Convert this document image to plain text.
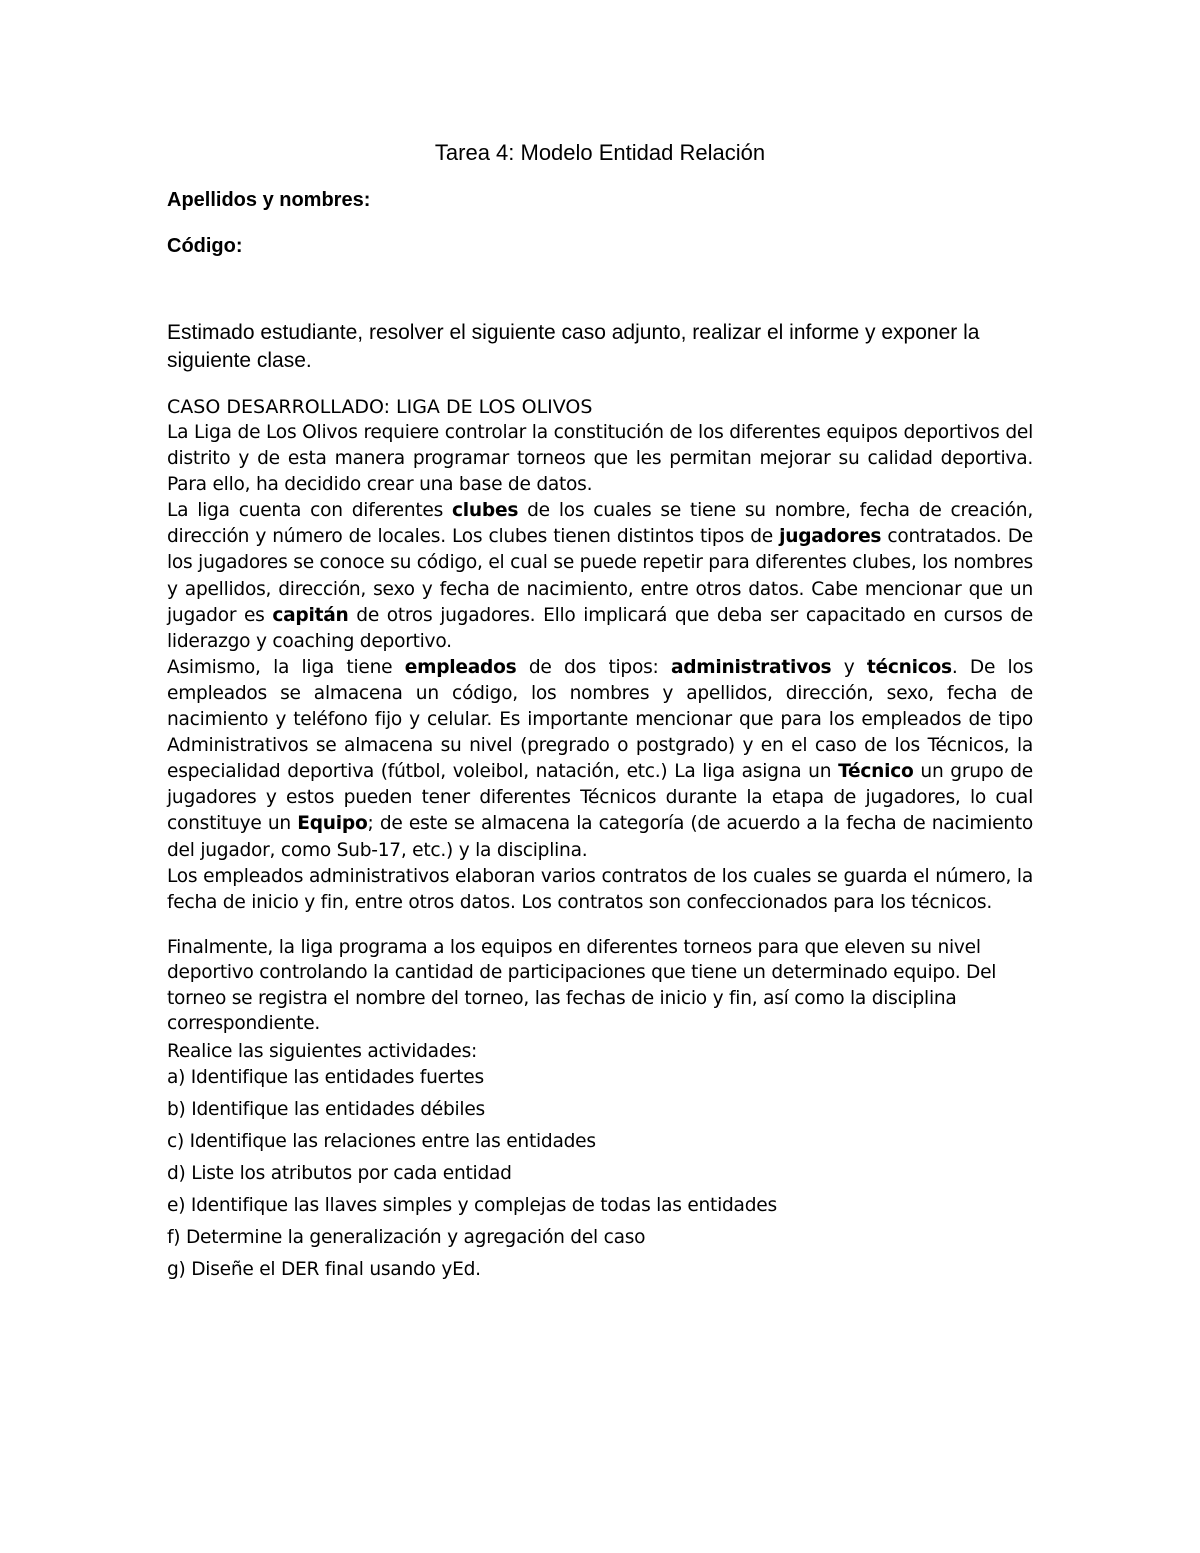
Tarea 4: Modelo Entidad Relación
Apellidos y nombres:
Código:
Estimado estudiante, resolver el siguiente caso adjunto, realizar el informe y exponer la siguiente clase.
CASO DESARROLLADO: LIGA DE LOS OLIVOS

La Liga de Los Olivos requiere controlar la constitución de los diferentes equipos deportivos del distrito y de esta manera programar torneos que les permitan mejorar su calidad deportiva. Para ello, ha decidido crear una base de datos.

La liga cuenta con diferentes clubes de los cuales se tiene su nombre, fecha de creación, dirección y número de locales. Los clubes tienen distintos tipos de jugadores contratados. De los jugadores se conoce su código, el cual se puede repetir para diferentes clubes, los nombres y apellidos, dirección, sexo y fecha de nacimiento, entre otros datos. Cabe mencionar que un jugador es capitán de otros jugadores. Ello implicará que deba ser capacitado en cursos de liderazgo y coaching deportivo.

Asimismo, la liga tiene empleados de dos tipos: administrativos y técnicos. De los empleados se almacena un código, los nombres y apellidos, dirección, sexo, fecha de nacimiento y teléfono fijo y celular. Es importante mencionar que para los empleados de tipo Administrativos se almacena su nivel (pregrado o postgrado) y en el caso de los Técnicos, la especialidad deportiva (fútbol, voleibol, natación, etc.) La liga asigna un Técnico un grupo de jugadores y estos pueden tener diferentes Técnicos durante la etapa de jugadores, lo cual constituye un Equipo; de este se almacena la categoría (de acuerdo a la fecha de nacimiento del jugador, como Sub-17, etc.) y la disciplina.

Los empleados administrativos elaboran varios contratos de los cuales se guarda el número, la fecha de inicio y fin, entre otros datos. Los contratos son confeccionados para los técnicos.

Finalmente, la liga programa a los equipos en diferentes torneos para que eleven su nivel deportivo controlando la cantidad de participaciones que tiene un determinado equipo. Del torneo se registra el nombre del torneo, las fechas de inicio y fin, así como la disciplina correspondiente.

Realice las siguientes actividades:
a) Identifique las entidades fuertes
b) Identifique las entidades débiles
c) Identifique las relaciones entre las entidades
d) Liste los atributos por cada entidad
e) Identifique las llaves simples y complejas de todas las entidades
f) Determine la generalización y agregación del caso
g) Diseñe el DER final usando yEd.
